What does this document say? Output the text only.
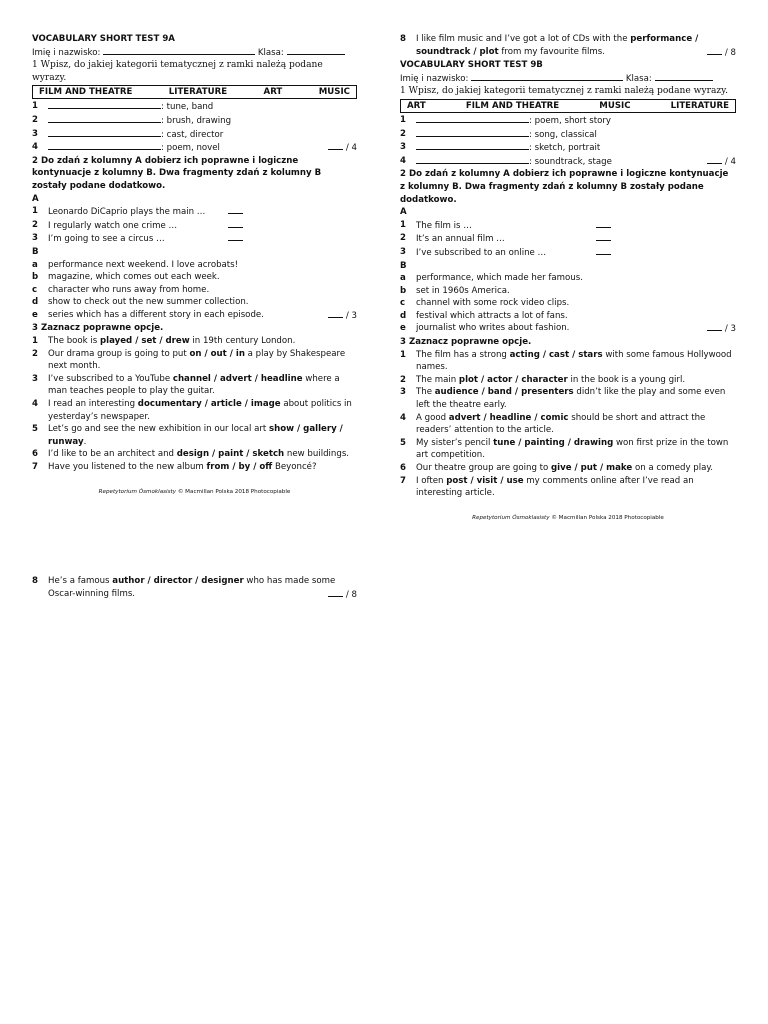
VOCABULARY SHORT TEST 9A
Imię i nazwisko:	Klasa:
1 Wpisz, do jakiej kategorii tematycznej z ramki należą podane wyrazy.
FILM AND THEATRE	LITERATURE	ART	MUSIC
1	: tune, band
2	: brush, drawing
3	: cast, director
4	: poem, novel	/ 4
2 Do zdań z kolumny A dobierz ich poprawne i logiczne kontynuacje z kolumny B. Dwa fragmenty zdań z kolumny B zostały podane dodatkowo.
A
1	Leonardo DiCaprio plays the main …
2	I regularly watch one crime …
3	I’m going to see a circus …
B
a	performance next weekend. I love acrobats!
b	magazine, which comes out each week.
c	character who runs away from home.
d	show to check out the new summer collection.
e	series which has a different story in each episode.	/ 3
3 Zaznacz poprawne opcje.
1	The book is played / set / drew in 19th century London.
2	Our drama group is going to put on / out / in a play by Shakespeare next month.
3	I’ve subscribed to a YouTube channel / advert / headline where a man teaches people to play the guitar.
4	I read an interesting documentary / article / image about politics in yesterday’s newspaper.
5	Let’s go and see the new exhibition in our local art show / gallery / runway.
6	I’d like to be an architect and design / paint / sketch new buildings.
7	Have you listened to the new album from / by / off Beyoncé?
Repetytorium Ósmoklasisty © Macmillan Polska 2018 Photocopiable
8	I like film music and I’ve got a lot of CDs with the performance / soundtrack / plot from my favourite films.	/ 8
VOCABULARY SHORT TEST 9B
Imię i nazwisko:	Klasa:
1 Wpisz, do jakiej kategorii tematycznej z ramki należą podane wyrazy.
ART	FILM AND THEATRE	MUSIC	LITERATURE
1	: poem, short story
2	: song, classical
3	: sketch, portrait
4	: soundtrack, stage	/ 4
2 Do zdań z kolumny A dobierz ich poprawne i logiczne kontynuacje z kolumny B. Dwa fragmenty zdań z kolumny B zostały podane dodatkowo.
A
1	The film is …
2	It’s an annual film …
3	I’ve subscribed to an online …
B
a	performance, which made her famous.
b	set in 1960s America.
c	channel with some rock video clips.
d	festival which attracts a lot of fans.
e	journalist who writes about fashion.	/ 3
3 Zaznacz poprawne opcje.
1	The film has a strong acting / cast / stars with some famous Hollywood names.
2	The main plot / actor / character in the book is a young girl.
3	The audience / band / presenters didn’t like the play and some even left the theatre early.
4	A good advert / headline / comic should be short and attract the readers’ attention to the article.
5	My sister’s pencil tune / painting / drawing won first prize in the town art competition.
6	Our theatre group are going to give / put / make on a comedy play.
7	I often post / visit / use my comments online after I’ve read an interesting article.
Repetytorium Ósmoklasisty © Macmillan Polska 2018 Photocopiable
8	He’s a famous author / director / designer who has made some Oscar-winning films.	/ 8
